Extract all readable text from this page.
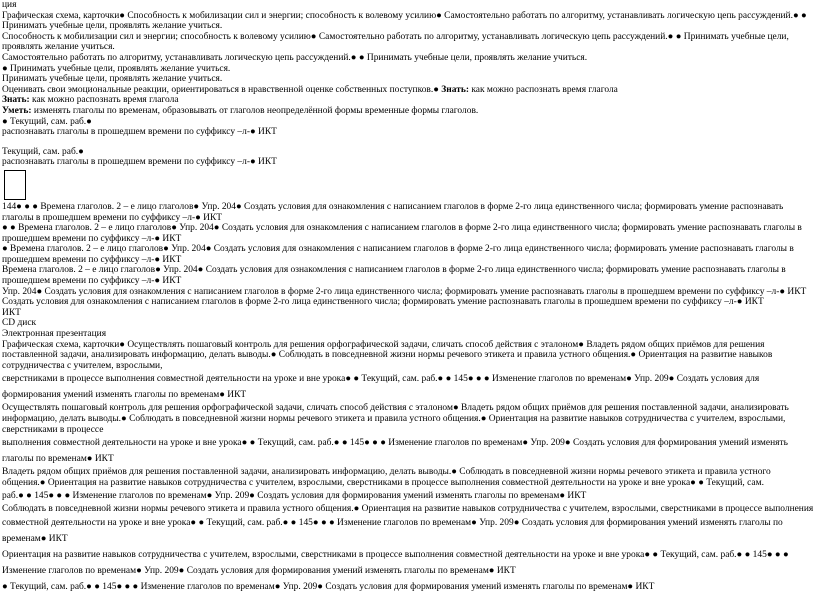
ция

Графическая схема, карточки● Способность к мобилизации сил и энергии; способность к волевому усилию● Самостоятельно работать по алгоритму, устанавливать логическую цепь рассуждений.● ● Принимать учебные цели, проявлять желание учиться.

Способность к мобилизации сил и энергии; способность к волевому усилию● Самостоятельно работать по алгоритму, устанавливать логическую цепь рассуждений.● ● Принимать учебные цели, проявлять желание учиться.

Самостоятельно работать по алгоритму, устанавливать логическую цепь рассуждений.● ● Принимать учебные цели, проявлять желание учиться.

● Принимать учебные цели, проявлять желание учиться.

Принимать учебные цели, проявлять желание учиться.

Оценивать свои эмоциональные реакции, ориентироваться в нравственной оценке собственных поступков.● Знать: как можно распознать время глагола

Знать: как можно распознать время глагола

Уметь: изменять глаголы по временам, образовывать от глаголов неопределённой формы временные формы глаголов.

● Текущий, сам. раб.●

распознавать глаголы в прошедшем времени по суффиксу –л-● ИКТ

Текущий, сам. раб.●

распознавать глаголы в прошедшем времени по суффиксу –л-● ИКТ

144● ● ● Времена глаголов. 2 – е лицо глаголов● Упр. 204● Создать условия для ознакомления с написанием глаголов в форме 2-го лица единственного числа; формировать умение распознавать глаголы в прошедшем времени по суффиксу –л-● ИКТ

● ● Времена глаголов. 2 – е лицо глаголов● Упр. 204● Создать условия для ознакомления с написанием глаголов в форме 2-го лица единственного числа; формировать умение распознавать глаголы в прошедшем времени по суффиксу –л-● ИКТ

● Времена глаголов. 2 – е лицо глаголов● Упр. 204● Создать условия для ознакомления с написанием глаголов в форме 2-го лица единственного числа; формировать умение распознавать глаголы в прошедшем времени по суффиксу –л-● ИКТ

Времена глаголов. 2 – е лицо глаголов● Упр. 204● Создать условия для ознакомления с написанием глаголов в форме 2-го лица единственного числа; формировать умение распознавать глаголы в прошедшем времени по суффиксу –л-● ИКТ

Упр. 204● Создать условия для ознакомления с написанием глаголов в форме 2-го лица единственного числа; формировать умение распознавать глаголы в прошедшем времени по суффиксу –л-● ИКТ

Создать условия для ознакомления с написанием глаголов в форме 2-го лица единственного числа; формировать умение распознавать глаголы в прошедшем времени по суффиксу –л-● ИКТ

ИКТ

CD диск

Электронная презентация

Графическая схема, карточки● Осуществлять пошаговый контроль для решения орфографической задачи, сличать способ действия с эталоном● Владеть рядом общих приёмов для решения поставленной задачи, анализировать информацию, делать выводы.● Соблюдать в повседневной жизни нормы речевого этикета и правила устного общения.● Ориентация на развитие навыков сотрудничества с учителем, взрослыми,

сверстниками в процессе выполнения совместной деятельности на уроке и вне урока● ● Текущий, сам. раб.● ● 145● ● ● Изменение глаголов по временам● Упр. 209● Создать условия для формирования умений изменять глаголы по временам● ИКТ

Осуществлять пошаговый контроль для решения орфографической задачи, сличать способ действия с эталоном● Владеть рядом общих приёмов для решения поставленной задачи, анализировать информацию, делать выводы.● Соблюдать в повседневной жизни нормы речевого этикета и правила устного общения.● Ориентация на развитие навыков сотрудничества с учителем, взрослыми, сверстниками в процессе

выполнения совместной деятельности на уроке и вне урока● ● Текущий, сам. раб.● ● 145● ● ● Изменение глаголов по временам● Упр. 209● Создать условия для формирования умений изменять глаголы по временам● ИКТ

Владеть рядом общих приёмов для решения поставленной задачи, анализировать информацию, делать выводы.● Соблюдать в повседневной жизни нормы речевого этикета и правила устного общения.● Ориентация на развитие навыков сотрудничества с учителем, взрослыми, сверстниками в процессе выполнения совместной деятельности на уроке и вне урока● ● Текущий, сам.

раб.● ● 145● ● ● Изменение глаголов по временам● Упр. 209● Создать условия для формирования умений изменять глаголы по временам● ИКТ

Соблюдать в повседневной жизни нормы речевого этикета и правила устного общения.● Ориентация на развитие навыков сотрудничества с учителем, взрослыми, сверстниками в процессе выполнения

совместной деятельности на уроке и вне урока● ● Текущий, сам. раб.● ● 145● ● ● Изменение глаголов по временам● Упр. 209● Создать условия для формирования умений изменять глаголы по временам● ИКТ

Ориентация на развитие навыков сотрудничества с учителем, взрослыми, сверстниками в процессе выполнения совместной деятельности на уроке и вне урока● ● Текущий, сам. раб.● ● 145● ● ● Изменение глаголов по временам● Упр. 209● Создать условия для формирования умений изменять глаголы по временам● ИКТ

● Текущий, сам. раб.● ● 145● ● ● Изменение глаголов по временам● Упр. 209● Создать условия для формирования умений изменять глаголы по временам● ИКТ
